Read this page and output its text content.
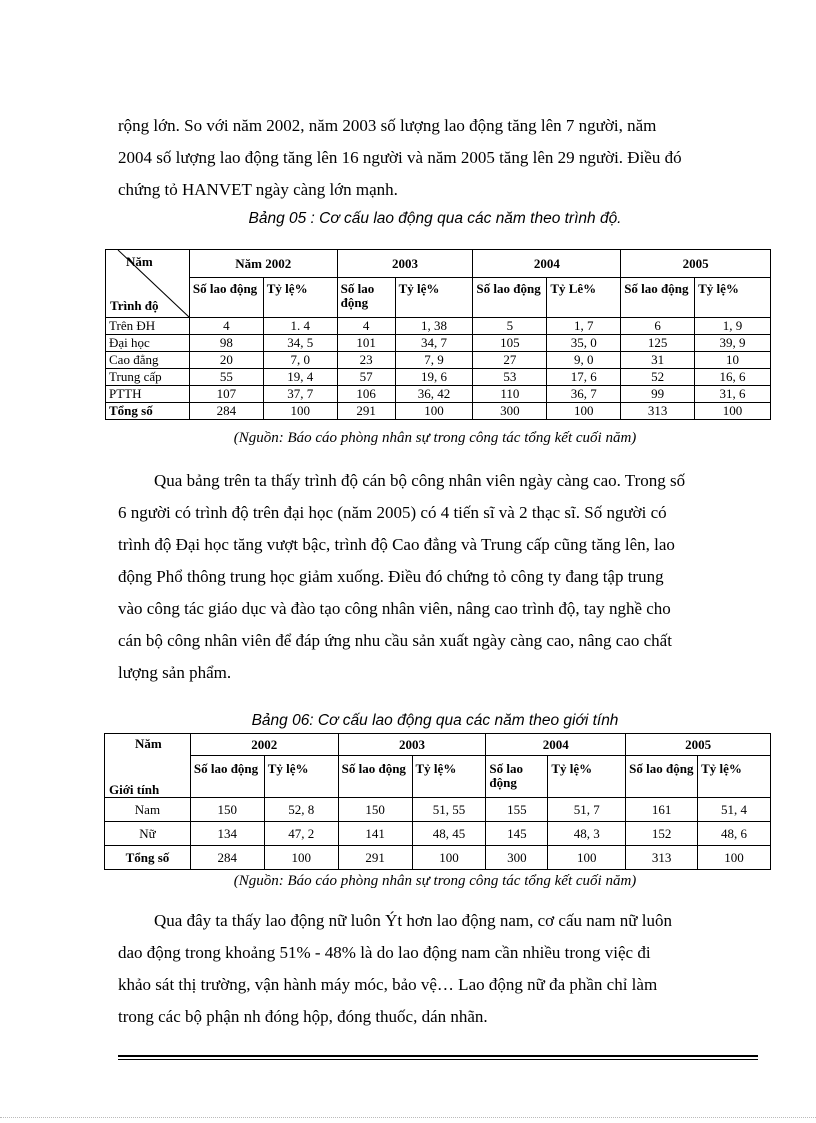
rộng lớn. So với năm 2002, năm 2003 số lượng lao động tăng lên 7 người, năm

2004 số lượng lao động tăng lên 16 người và năm 2005 tăng lên 29 người. Điều đó

chứng tỏ HANVET ngày càng lớn mạnh.

Bảng 05 : Cơ cấu lao động qua các năm theo trình độ.

Năm
Trình độ	Năm 2002		2003		2004		2005	
	Số lao động	Tỷ lệ%	Số lao động	Tỷ lệ%	Số lao động	Tỷ Lê%	Số lao động	Tỷ lệ%
Trên ĐH	4	1. 4	4	1, 38	5	1, 7	6	1, 9
Đại học	98	34, 5	101	34, 7	105	35, 0	125	39, 9
Cao đẳng	20	7, 0	23	7, 9	27	9, 0	31	10
Trung cấp	55	19, 4	57	19, 6	53	17, 6	52	16, 6
PTTH	107	37, 7	106	36, 42	110	36, 7	99	31, 6
Tổng số	284	100	291	100	300	100	313	100

(Nguồn: Báo cáo phòng nhân sự trong công tác tổng kết cuối năm)

Qua bảng trên ta thấy trình độ cán bộ công nhân viên ngày càng cao. Trong số

6 người có trình độ trên đại học (năm 2005) có 4 tiến sĩ và 2 thạc sĩ. Số người có

trình độ Đại học tăng vượt bậc, trình độ Cao đẳng và Trung cấp cũng tăng lên, lao

động Phổ thông trung học giảm xuống. Điều đó chứng tỏ công ty đang tập trung

vào công tác giáo dục và đào tạo công nhân viên, nâng cao trình độ, tay nghề cho

cán bộ công nhân viên để đáp ứng nhu cầu sản xuất ngày càng cao, nâng cao chất

lượng sản phẩm.

Bảng 06: Cơ cấu lao động qua các năm theo giới tính

Năm
Giới tính	2002		2003		2004		2005	
	Số lao động	Tỷ lệ%	Số lao động	Tỷ lệ%	Số lao động	Tỷ lệ%	Số lao động	Tỷ lệ%
Nam	150	52, 8	150	51, 55	155	51, 7	161	51, 4
Nữ	134	47, 2	141	48, 45	145	48, 3	152	48, 6
Tổng số	284	100	291	100	300	100	313	100

(Nguồn: Báo cáo phòng nhân sự trong công tác tổng kết cuối năm)

Qua đây ta thấy lao động nữ luôn Ýt hơn lao động nam, cơ cấu nam nữ luôn

dao động trong khoảng 51% - 48% là do lao động nam cần nhiều trong việc đi

khảo sát thị trường, vận hành máy móc, bảo vệ… Lao động nữ đa phần chỉ làm

trong các bộ phận nh đóng hộp, đóng thuốc, dán nhãn.
